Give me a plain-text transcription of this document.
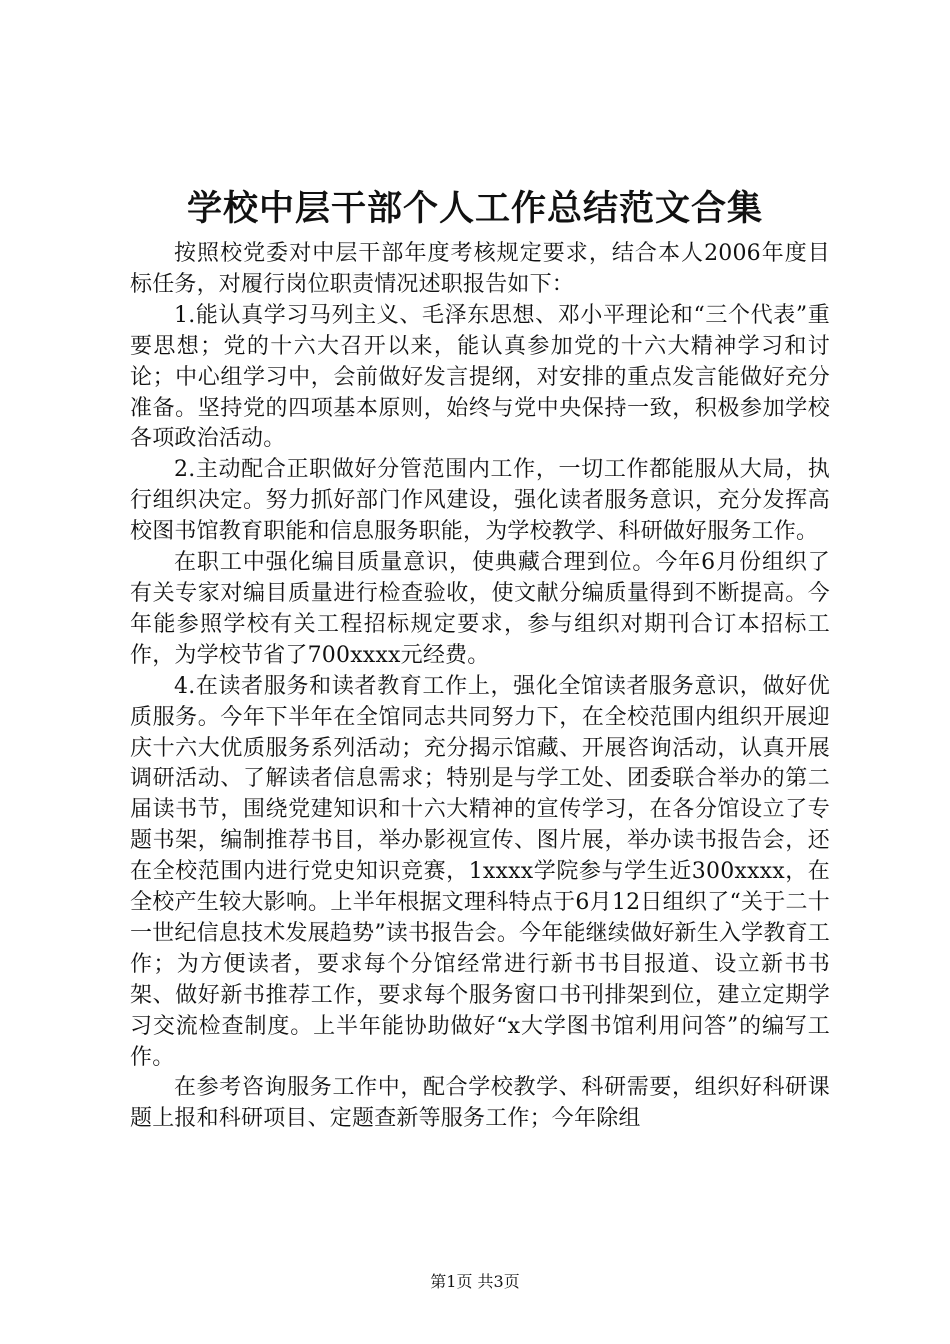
学校中层干部个人工作总结范文合集

按照校党委对中层干部年度考核规定要求，结合本人2006年度目标任务，对履行岗位职责情况述职报告如下：

1.能认真学习马列主义、毛泽东思想、邓小平理论和“三个代表”重要思想；党的十六大召开以来，能认真参加党的十六大精神学习和讨论；中心组学习中，会前做好发言提纲，对安排的重点发言能做好充分准备。坚持党的四项基本原则，始终与党中央保持一致，积极参加学校各项政治活动。

2.主动配合正职做好分管范围内工作，一切工作都能服从大局，执行组织决定。努力抓好部门作风建设，强化读者服务意识，充分发挥高校图书馆教育职能和信息服务职能，为学校教学、科研做好服务工作。

在职工中强化编目质量意识，使典藏合理到位。今年6月份组织了有关专家对编目质量进行检查验收，使文献分编质量得到不断提高。今年能参照学校有关工程招标规定要求，参与组织对期刊合订本招标工作，为学校节省了700xxxx元经费。

4.在读者服务和读者教育工作上，强化全馆读者服务意识，做好优质服务。今年下半年在全馆同志共同努力下，在全校范围内组织开展迎庆十六大优质服务系列活动；充分揭示馆藏、开展咨询活动，认真开展调研活动、了解读者信息需求；特别是与学工处、团委联合举办的第二届读书节，围绕党建知识和十六大精神的宣传学习，在各分馆设立了专题书架，编制推荐书目，举办影视宣传、图片展，举办读书报告会，还在全校范围内进行党史知识竞赛，1xxxx学院参与学生近300xxxx，在全校产生较大影响。上半年根据文理科特点于6月12日组织了“关于二十一世纪信息技术发展趋势”读书报告会。今年能继续做好新生入学教育工作；为方便读者，要求每个分馆经常进行新书书目报道、设立新书书架、做好新书推荐工作，要求每个服务窗口书刊排架到位，建立定期学习交流检查制度。上半年能协助做好“x大学图书馆利用问答”的编写工作。

在参考咨询服务工作中，配合学校教学、科研需要，组织好科研课题上报和科研项目、定题查新等服务工作；今年除组

第1页 共3页
